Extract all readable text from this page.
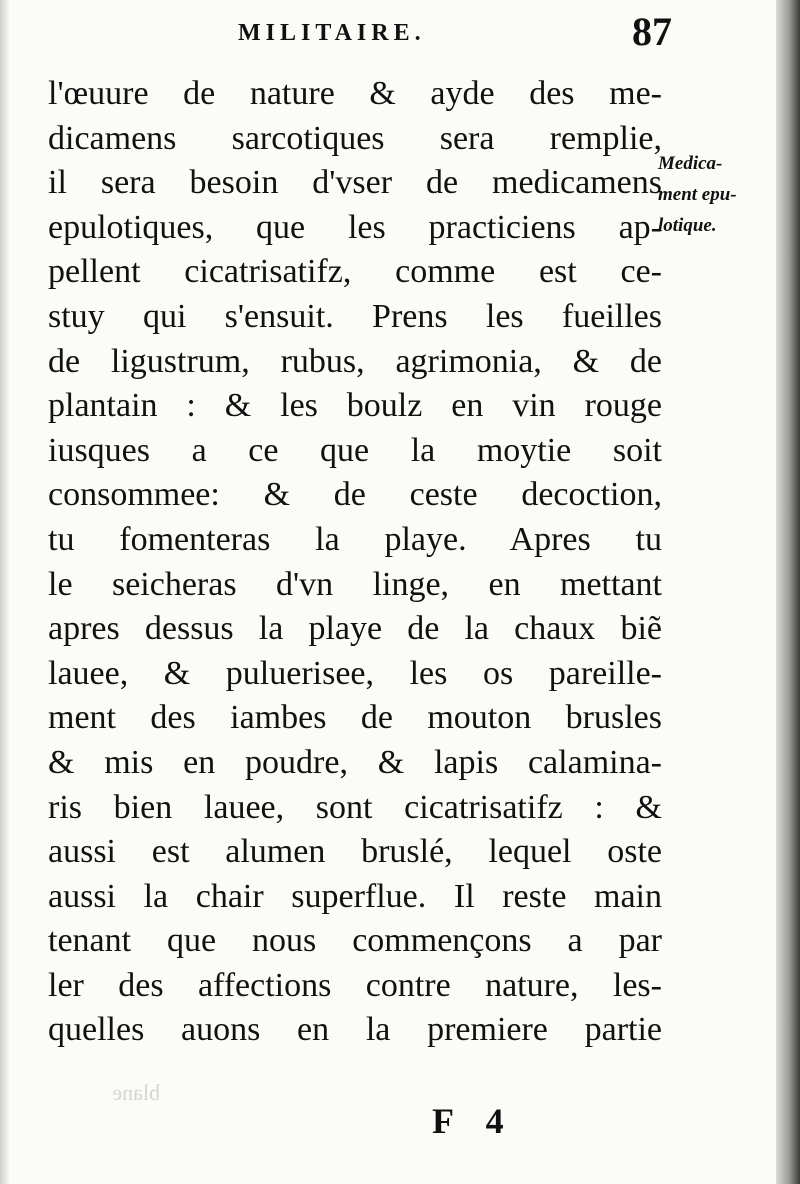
blane
MILITAIRE.	87
l'œuure de nature & ayde des me-
dicamens sarcotiques sera remplie,
il sera besoin d'vser de medicamens
epulotiques, que les practiciens ap-
pellent cicatrisatifz, comme est ce-
stuy qui s'ensuit. Prens les fueilles
de ligustrum, rubus, agrimonia, & de
plantain : & les boulz en vin rouge
iusques a ce que la moytie soit
consommee: & de ceste decoction,
tu fomenteras la playe. Apres tu
le seicheras d'vn linge, en mettant
apres dessus la playe de la chaux biẽ
lauee, & puluerisee, les os pareille-
ment des iambes de mouton brusles
& mis en poudre, & lapis calamina-
ris bien lauee, sont cicatrisatifz : &
aussi est alumen bruslé, lequel oste
aussi la chair superflue. Il reste main
tenant que nous commençons a par
ler des affections contre nature, les-
quelles auons en la premiere partie
Medica-
ment epu-
lotique.
F 4
